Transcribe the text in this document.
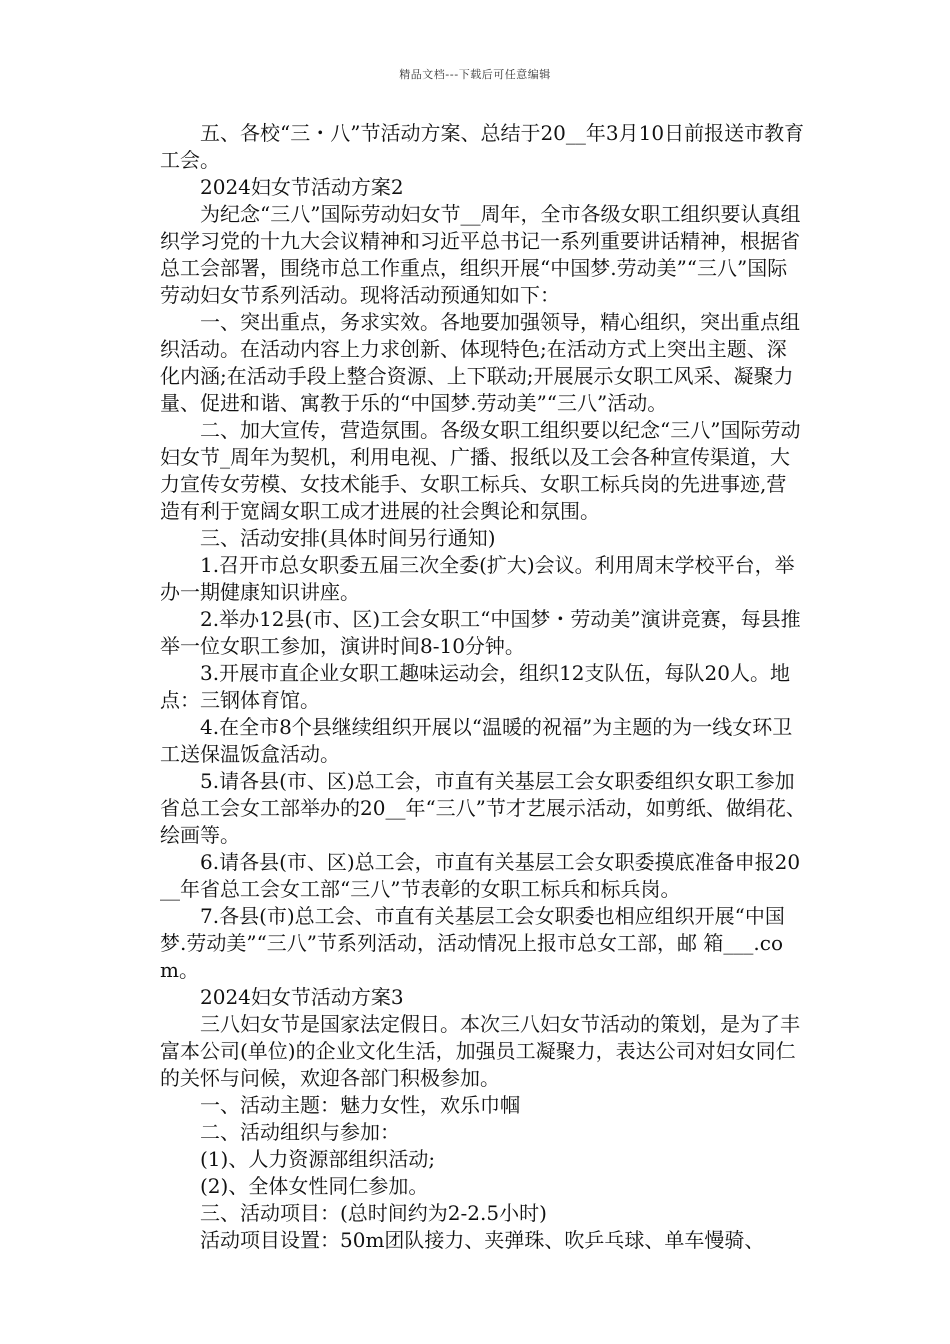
精品文档---下载后可任意编辑

五、各校“三・八”节活动方案、总结于20__年3月10日前报送市教育工会。

2024妇女节活动方案2

为纪念“三八”国际劳动妇女节__周年，全市各级女职工组织要认真组织学习党的十九大会议精神和习近平总书记一系列重要讲话精神，根据省总工会部署，围绕市总工作重点，组织开展“中国梦.劳动美”“三八”国际劳动妇女节系列活动。现将活动预通知如下：

一、突出重点，务求实效。各地要加强领导，精心组织，突出重点组织活动。在活动内容上力求创新、体现特色;在活动方式上突出主题、深化内涵;在活动手段上整合资源、上下联动;开展展示女职工风采、凝聚力量、促进和谐、寓教于乐的“中国梦.劳动美”“三八”活动。

二、加大宣传，营造氛围。各级女职工组织要以纪念“三八”国际劳动妇女节_周年为契机，利用电视、广播、报纸以及工会各种宣传渠道，大力宣传女劳模、女技术能手、女职工标兵、女职工标兵岗的先进事迹,营造有利于宽阔女职工成才进展的社会舆论和氛围。

三、活动安排(具体时间另行通知)

1.召开市总女职委五届三次全委(扩大)会议。利用周末学校平台，举办一期健康知识讲座。

2.举办12县(市、区)工会女职工“中国梦・劳动美”演讲竞赛，每县推举一位女职工参加，演讲时间8-10分钟。

3.开展市直企业女职工趣味运动会，组织12支队伍，每队20人。地点：三钢体育馆。

4.在全市8个县继续组织开展以“温暖的祝福”为主题的为一线女环卫工送保温饭盒活动。

5.请各县(市、区)总工会，市直有关基层工会女职委组织女职工参加省总工会女工部举办的20__年“三八”节才艺展示活动，如剪纸、做绢花、绘画等。

6.请各县(市、区)总工会，市直有关基层工会女职委摸底准备申报20__年省总工会女工部“三八”节表彰的女职工标兵和标兵岗。

7.各县(市)总工会、市直有关基层工会女职委也相应组织开展“中国梦.劳动美”“三八”节系列活动，活动情况上报市总女工部，邮 箱___.com。

2024妇女节活动方案3

三八妇女节是国家法定假日。本次三八妇女节活动的策划，是为了丰富本公司(单位)的企业文化生活，加强员工凝聚力，表达公司对妇女同仁的关怀与问候，欢迎各部门积极参加。

一、活动主题：魅力女性，欢乐巾帼

二、活动组织与参加：

(1)、人力资源部组织活动;

(2)、全体女性同仁参加。

三、活动项目：(总时间约为2-2.5小时)

活动项目设置：50m团队接力、夹弹珠、吹乒乓球、单车慢骑、
